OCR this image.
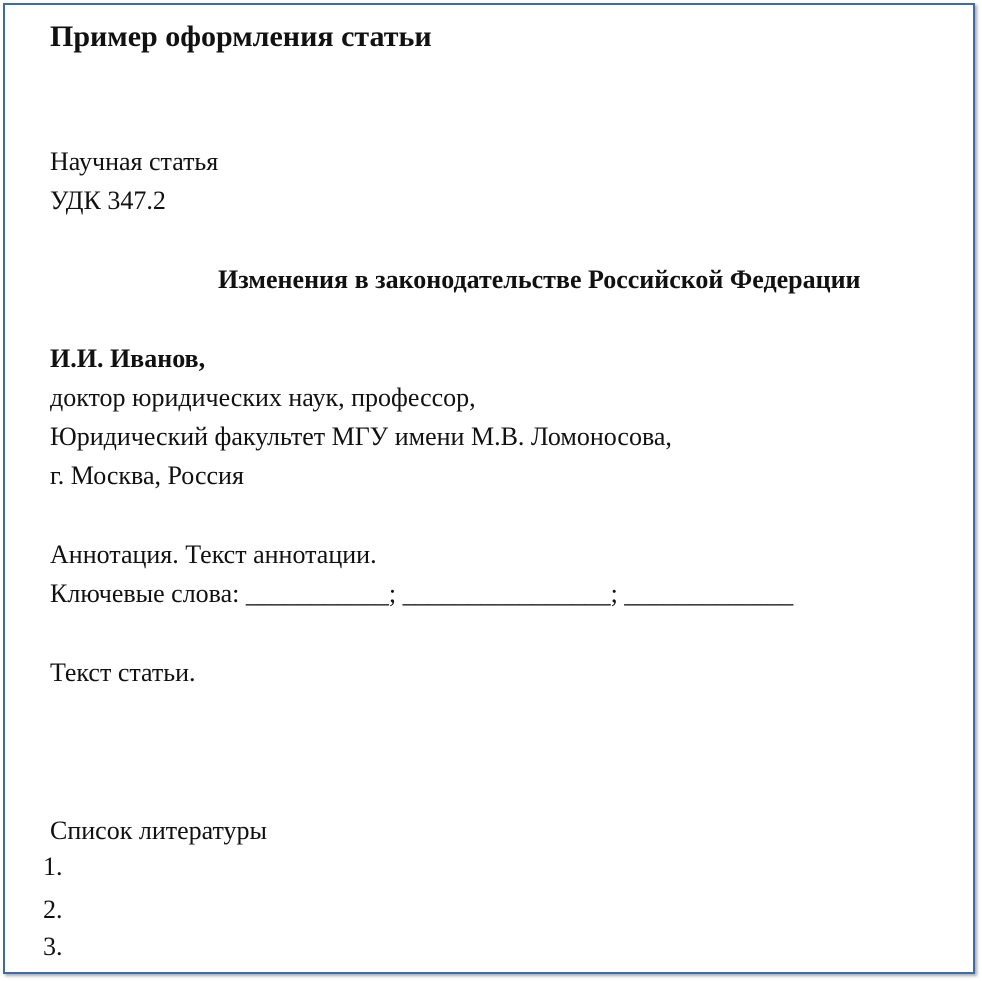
Пример оформления статьи
Научная статья
УДК 347.2
Изменения в законодательстве Российской Федерации
И.И. Иванов,
доктор юридических наук, профессор,
Юридический факультет МГУ имени М.В. Ломоносова,
г. Москва, Россия
Аннотация. Текст аннотации.
Ключевые слова: ___________; ________________; _____________
Текст статьи.
Список литературы
1.
2.
3.
